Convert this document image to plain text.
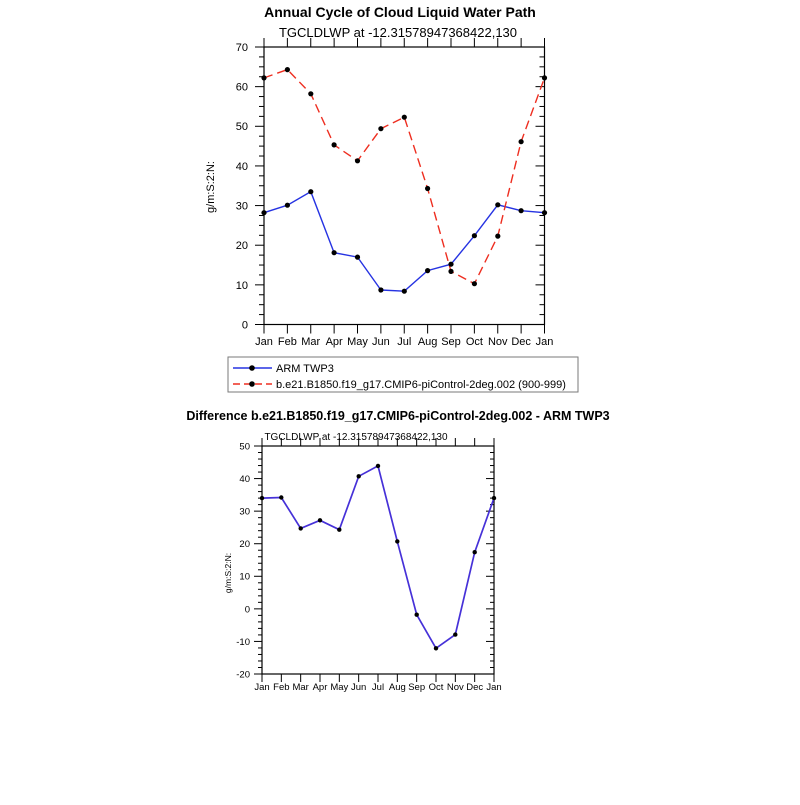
Annual Cycle of Cloud Liquid Water Path
TGCLDLWP at -12.31578947368422,130
g/m:S:2:N:
0
10
20
30
40
50
60
70
Jan Feb Mar Apr May Jun Jul Aug Sep Oct Nov Dec Jan
ARM TWP3
b.e21.B1850.f19_g17.CMIP6-piControl-2deg.002 (900-999)
Difference b.e21.B1850.f19_g17.CMIP6-piControl-2deg.002 - ARM TWP3
TGCLDLWP at -12.31578947368422,130
g/m:S:2:N:
-20
-10
0
10
20
30
40
50
Jan Feb Mar Apr May Jun Jul Aug Sep Oct Nov Dec Jan
